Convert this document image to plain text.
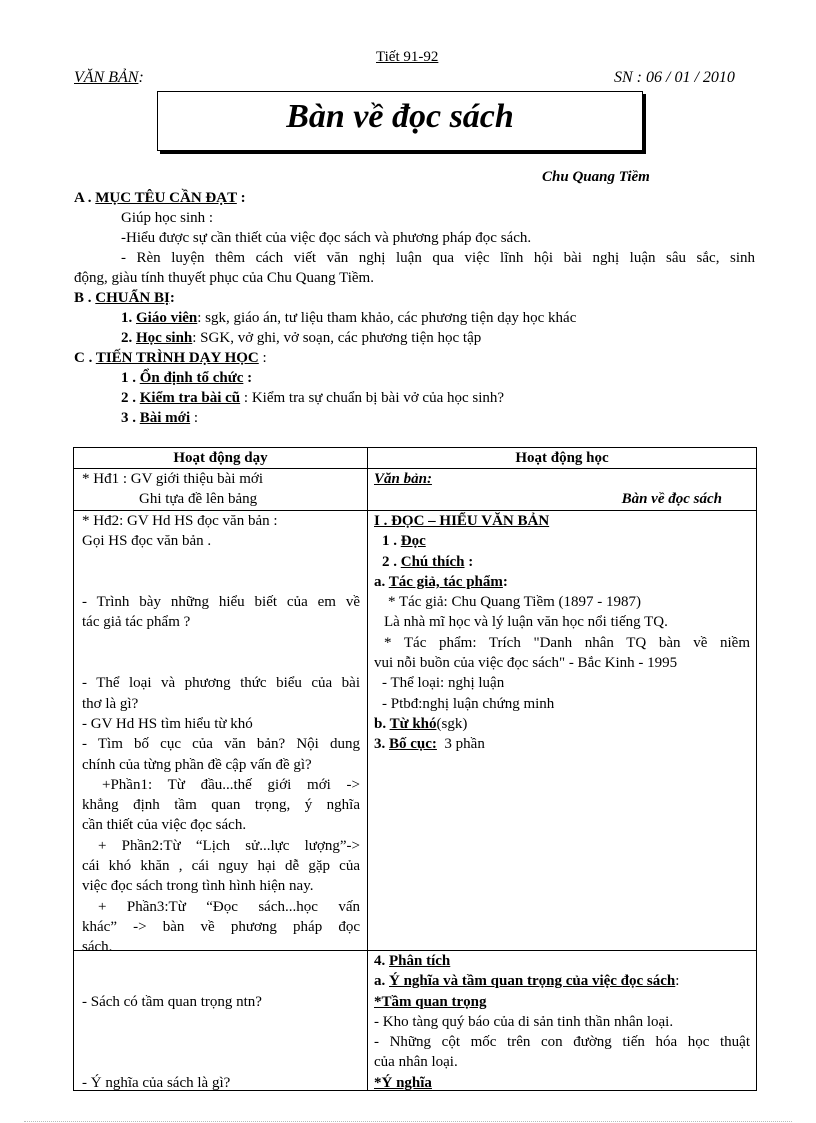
Tiết 91-92
VĂN BẢN:	SN : 06 / 01 / 2010
Bàn về đọc sách
Chu Quang Tiềm
A . MỤC TÊU CẦN ĐẠT :
Giúp học sinh :
-Hiểu được sự cần thiết của việc đọc sách và phương pháp đọc sách.
- Rèn luyện thêm cách viết văn nghị luận qua việc lĩnh hội bài nghị luận sâu sắc, sinh
động, giàu tính thuyết phục của Chu Quang Tiềm.
B . CHUẨN BỊ:
1. Giáo viên: sgk, giáo án, tư liệu tham khảo, các phương tiện dạy học khác
2. Học sinh: SGK, vở ghi, vở soạn, các phương tiện học tập
C . TIẾN TRÌNH DẠY HỌC :
1 . Ổn định tổ chức :
2 . Kiểm tra bài cũ : Kiểm tra sự chuẩn bị bài vở của học sinh?
3 . Bài mới :
Hoạt động dạy	Hoạt động học

* Hđ1 : GV giới thiệu bài mới

Ghi tựa đề lên bảng

Văn bản:

Bàn về đọc sách

* Hđ2: GV Hd HS đọc văn bản :

Gọi HS đọc văn bản .

- Trình bày những hiểu biết của em về

tác giả tác phẩm ?

- Thể loại và phương thức biểu của bài

thơ là gì?

- GV Hd HS tìm hiểu từ khó

- Tìm bố cục của văn bản? Nội dung

chính của từng phần đề cập vấn đề gì?

+Phần1: Từ đầu...thế giới mới ->

khẳng định tầm quan trọng, ý nghĩa

cần thiết của việc đọc sách.

+ Phần2:Từ “Lịch sử...lực lượng”->

cái khó khăn , cái nguy hại dễ gặp của

việc đọc sách trong tình hình hiện nay.

+ Phần3:Từ “Đọc sách...học vấn

khác” -> bàn về phương pháp đọc

sách.

I . ĐỌC – HIỂU VĂN BẢN

1 . Đọc

2 . Chú thích :

a. Tác giả, tác phẩm:

* Tác giả: Chu Quang Tiềm (1897 - 1987)

Là nhà mĩ học và lý luận văn học nổi tiếng TQ.

* Tác phẩm: Trích "Danh nhân TQ bàn về niềm

vui nỗi buồn của việc đọc sách" - Bắc Kinh - 1995

- Thể loại: nghị luận

- Ptbđ:nghị luận chứng minh

b. Từ khó(sgk)

3. Bố cục:  3 phần

- Sách có tầm quan trọng ntn?

- Ý nghĩa của sách là gì?

4. Phân tích

a. Ý nghĩa và tầm quan trọng của việc đọc sách:

*Tầm quan trọng

- Kho tàng quý báo của di sản tinh thần nhân loại.

- Những cột mốc trên con đường tiến hóa học thuật

của nhân loại.

*Ý nghĩa
